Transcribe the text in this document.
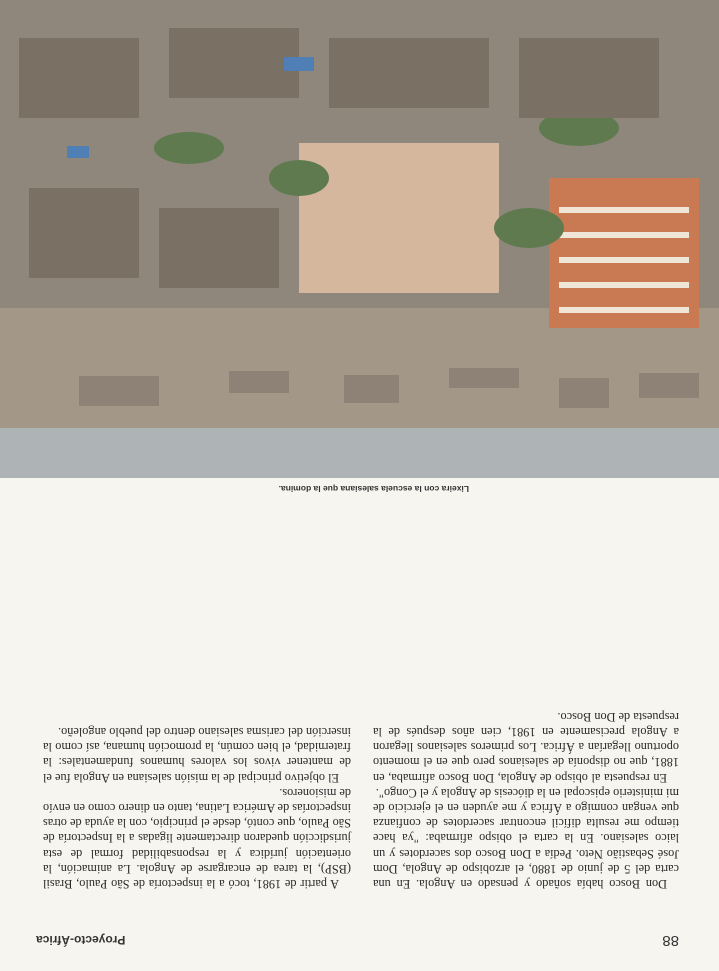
88
Proyecto-África

Don Bosco había soñado y pensado en Angola. En una carta del 5 de junio de 1880, el arzobispo de Angola, Dom José Sebastião Neto. Pedía a Don Bosco dos sacerdotes y un laico salesiano. En la carta el obispo afirmaba: "ya hace tiempo me resulta difícil encontrar sacerdotes de confianza que vengan conmigo a África y me ayuden en el ejercicio de mi ministerio episcopal en la diócesis de Angola y el Congo".

En respuesta al obispo de Angola, Don Bosco afirmaba, en 1881, que no disponía de salesianos pero que en el momento oportuno llegarían a África. Los primeros salesianos llegaron a Angola precisamente en 1981, cien años después de la respuesta de Don Bosco.

A partir de 1981, tocó a la inspectoría de São Paulo, Brasil (BSP), la tarea de encargarse de Angola. La animación, la orientación jurídica y la responsabilidad formal de esta jurisdicción quedaron directamente ligadas a la Inspectoría de São Paulo, que contó, desde el principio, con la ayuda de otras inspectorías de América Latina, tanto en dinero como en envío de misioneros.

El objetivo principal de la misión salesiana en Angola fue el de mantener vivos los valores humanos fundamentales: la fraternidad, el bien común, la promoción humana, así como la inserción del carisma salesiano dentro del pueblo angoleño.

Lixeira con la escuela salesiana que la domina.
